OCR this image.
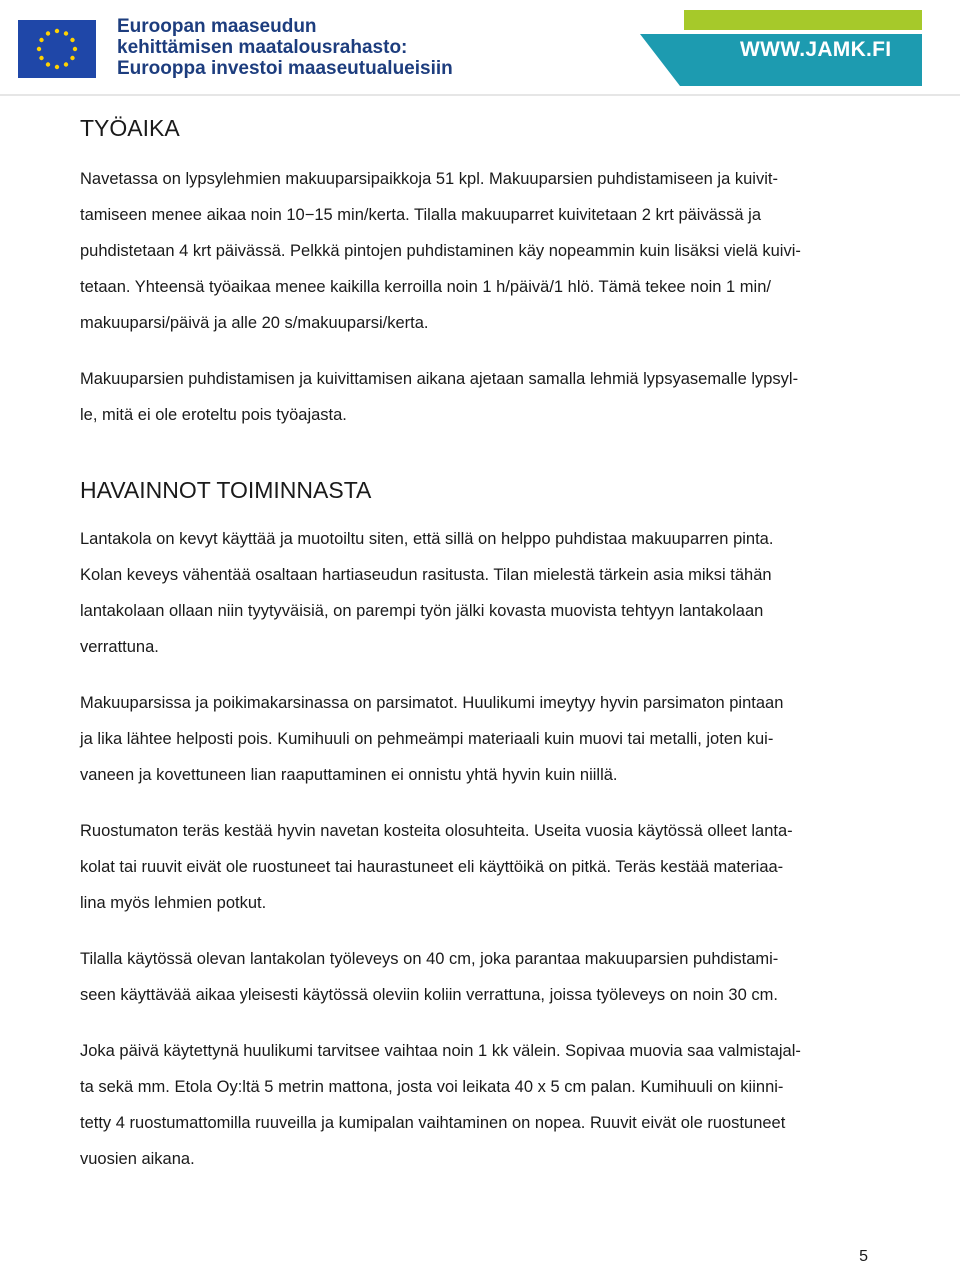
Euroopan maaseudun
kehittämisen maatalousrahasto:
Eurooppa investoi maaseutualueisiin
WWW.JAMK.FI
TYÖAIKA
Navetassa on lypsylehmien makuuparsipaikkoja 51 kpl. Makuuparsien puhdistamiseen ja kuivit-
tamiseen menee aikaa noin 10−15 min/kerta. Tilalla makuuparret kuivitetaan 2 krt päivässä ja
puhdistetaan 4 krt päivässä. Pelkkä pintojen puhdistaminen käy nopeammin kuin lisäksi vielä kuivi-
tetaan. Yhteensä työaikaa menee kaikilla kerroilla noin 1 h/päivä/1 hlö. Tämä tekee noin 1 min/
makuuparsi/päivä ja alle 20 s/makuuparsi/kerta.
Makuuparsien puhdistamisen ja kuivittamisen aikana ajetaan samalla lehmiä lypsyasemalle lypsyl-
le, mitä ei ole eroteltu pois työajasta.
HAVAINNOT TOIMINNASTA
Lantakola on kevyt käyttää ja muotoiltu siten, että sillä on helppo puhdistaa makuuparren pinta.
Kolan keveys vähentää osaltaan hartiaseudun rasitusta. Tilan mielestä tärkein asia miksi tähän
lantakolaan ollaan niin tyytyväisiä, on parempi työn jälki kovasta muovista tehtyyn lantakolaan
verrattuna.
Makuuparsissa ja poikimakarsinassa on parsimatot. Huulikumi imeytyy hyvin parsimaton pintaan
ja lika lähtee helposti pois. Kumihuuli on pehmeämpi materiaali kuin muovi tai metalli, joten kui-
vaneen ja kovettuneen lian raaputtaminen ei onnistu yhtä hyvin kuin niillä.
Ruostumaton teräs kestää hyvin navetan kosteita olosuhteita. Useita vuosia käytössä olleet lanta-
kolat tai ruuvit eivät ole ruostuneet tai haurastuneet eli käyttöikä on pitkä. Teräs kestää materiaa-
lina myös lehmien potkut.
Tilalla käytössä olevan lantakolan työleveys on 40 cm, joka parantaa makuuparsien puhdistami-
seen käyttävää aikaa yleisesti käytössä oleviin koliin verrattuna, joissa työleveys on noin 30 cm.
Joka päivä käytettynä huulikumi tarvitsee vaihtaa noin 1 kk välein. Sopivaa muovia saa valmistajal-
ta sekä mm. Etola Oy:ltä 5 metrin mattona, josta voi leikata 40 x 5 cm palan. Kumihuuli on kiinni-
tetty 4 ruostumattomilla ruuveilla ja kumipalan vaihtaminen on nopea. Ruuvit eivät ole ruostuneet
vuosien aikana.
5
